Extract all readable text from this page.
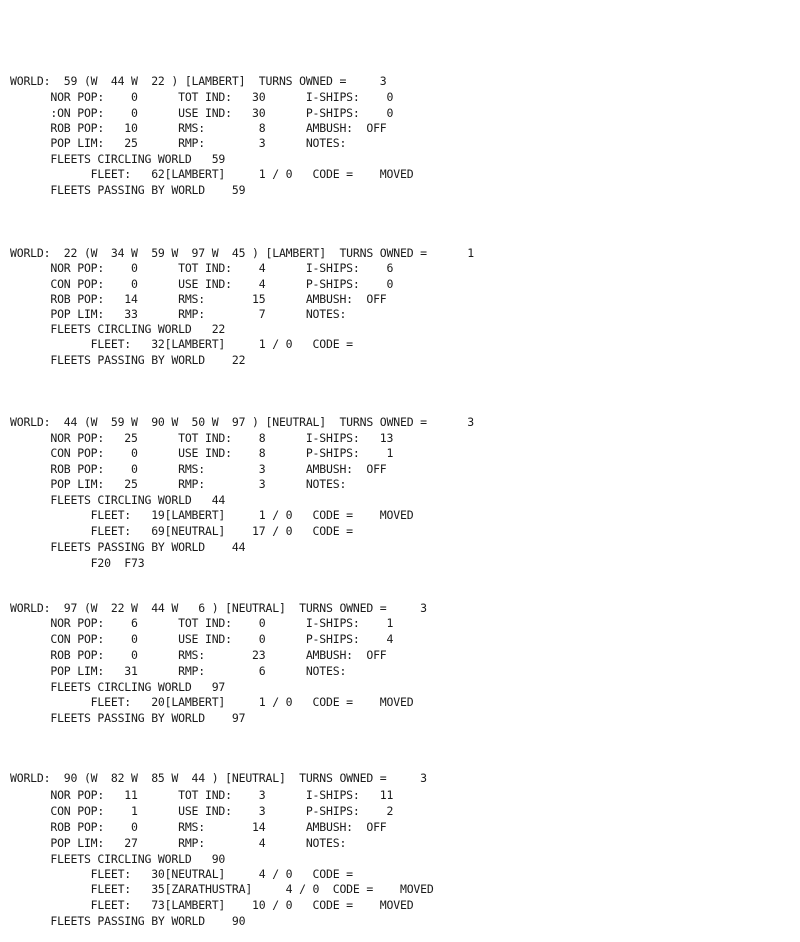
WORLD:  59 (W  44 W  22 ) [LAMBERT]  TURNS OWNED =     3
NOR POP:    0      TOT IND:   30      I-SHIPS:    0
:ON POP:    0      USE IND:   30      P-SHIPS:    0
ROB POP:   10      RMS:        8      AMBUSH:  OFF
POP LIM:   25      RMP:        3      NOTES:
FLEETS CIRCLING WORLD   59
FLEET:   62[LAMBERT]     1 / 0   CODE =    MOVED
FLEETS PASSING BY WORLD    59
WORLD:  22 (W  34 W  59 W  97 W  45 ) [LAMBERT]  TURNS OWNED =      1
NOR POP:    0      TOT IND:    4      I-SHIPS:    6
CON POP:    0      USE IND:    4      P-SHIPS:    0
ROB POP:   14      RMS:       15      AMBUSH:  OFF
POP LIM:   33      RMP:        7      NOTES:
FLEETS CIRCLING WORLD   22
FLEET:   32[LAMBERT]     1 / 0   CODE =
FLEETS PASSING BY WORLD    22
WORLD:  44 (W  59 W  90 W  50 W  97 ) [NEUTRAL]  TURNS OWNED =      3
NOR POP:   25      TOT IND:    8      I-SHIPS:   13
CON POP:    0      USE IND:    8      P-SHIPS:    1
ROB POP:    0      RMS:        3      AMBUSH:  OFF
POP LIM:   25      RMP:        3      NOTES:
FLEETS CIRCLING WORLD   44
FLEET:   19[LAMBERT]     1 / 0   CODE =    MOVED
FLEET:   69[NEUTRAL]    17 / 0   CODE =
FLEETS PASSING BY WORLD    44
F20  F73
WORLD:  97 (W  22 W  44 W   6 ) [NEUTRAL]  TURNS OWNED =     3
NOR POP:    6      TOT IND:    0      I-SHIPS:    1
CON POP:    0      USE IND:    0      P-SHIPS:    4
ROB POP:    0      RMS:       23      AMBUSH:  OFF
POP LIM:   31      RMP:        6      NOTES:
FLEETS CIRCLING WORLD   97
FLEET:   20[LAMBERT]     1 / 0   CODE =    MOVED
FLEETS PASSING BY WORLD    97
WORLD:  90 (W  82 W  85 W  44 ) [NEUTRAL]  TURNS OWNED =     3
NOR POP:   11      TOT IND:    3      I-SHIPS:   11
CON POP:    1      USE IND:    3      P-SHIPS:    2
ROB POP:    0      RMS:       14      AMBUSH:  OFF
POP LIM:   27      RMP:        4      NOTES:
FLEETS CIRCLING WORLD   90
FLEET:   30[NEUTRAL]     4 / 0   CODE =
FLEET:   35[ZARATHUSTRA]     4 / 0  CODE =    MOVED
FLEET:   73[LAMBERT]    10 / 0   CODE =    MOVED
FLEETS PASSING BY WORLD    90
